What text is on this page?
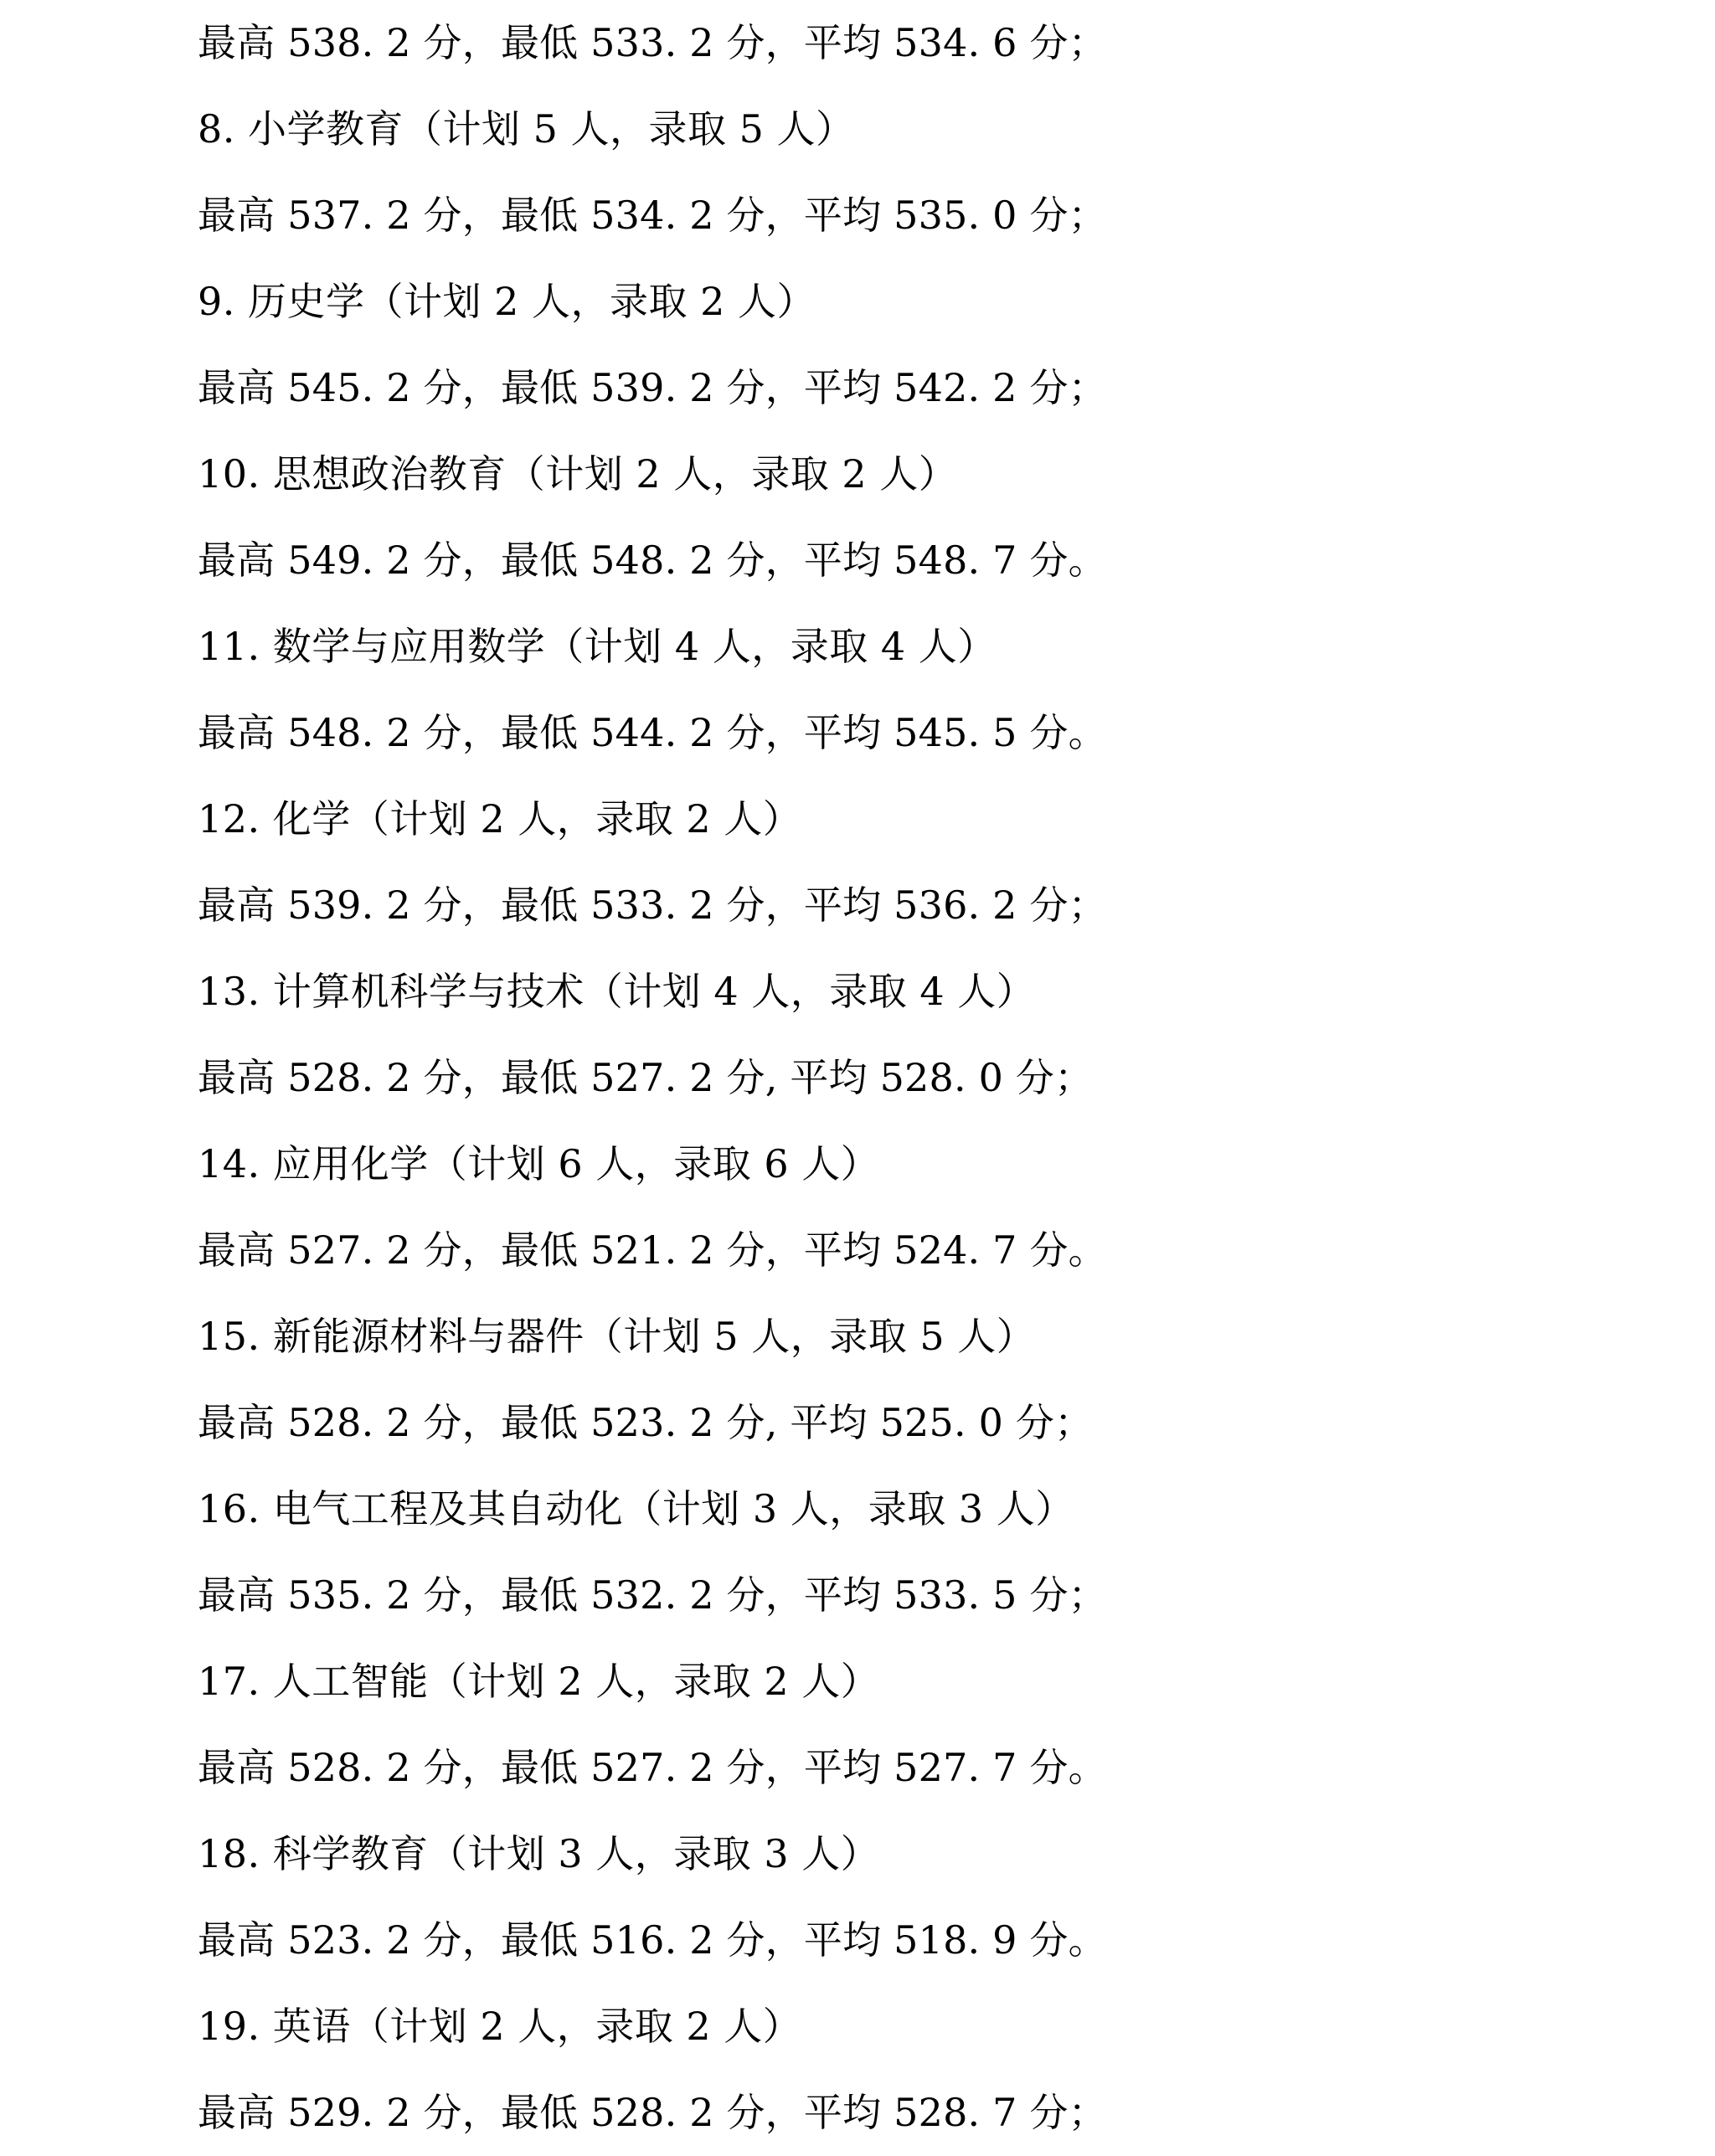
最高 538. 2 分，最低 533. 2 分，平均 534. 6 分；
8. 小学教育（计划 5 人，录取 5 人）
最高 537. 2 分，最低 534. 2 分，平均 535. 0 分；
9. 历史学（计划 2 人，录取 2 人）
最高 545. 2 分，最低 539. 2 分，平均 542. 2 分；
10. 思想政治教育（计划 2 人，录取 2 人）
最高 549. 2 分，最低 548. 2 分，平均 548. 7 分。
11. 数学与应用数学（计划 4 人，录取 4 人）
最高 548. 2 分，最低 544. 2 分，平均 545. 5 分。
12. 化学（计划 2 人，录取 2 人）
最高 539. 2 分，最低 533. 2 分，平均 536. 2 分；
13. 计算机科学与技术（计划 4 人，录取 4 人）
最高 528. 2 分，最低 527. 2 分, 平均 528. 0 分；
14. 应用化学（计划 6 人，录取 6 人）
最高 527. 2 分，最低 521. 2 分，平均 524. 7 分。
15. 新能源材料与器件（计划 5 人，录取 5 人）
最高 528. 2 分，最低 523. 2 分, 平均 525. 0 分；
16. 电气工程及其自动化（计划 3 人，录取 3 人）
最高 535. 2 分，最低 532. 2 分，平均 533. 5 分；
17. 人工智能（计划 2 人，录取 2 人）
最高 528. 2 分，最低 527. 2 分，平均 527. 7 分。
18. 科学教育（计划 3 人，录取 3 人）
最高 523. 2 分，最低 516. 2 分，平均 518. 9 分。
19. 英语（计划 2 人，录取 2 人）
最高 529. 2 分，最低 528. 2 分，平均 528. 7 分；
